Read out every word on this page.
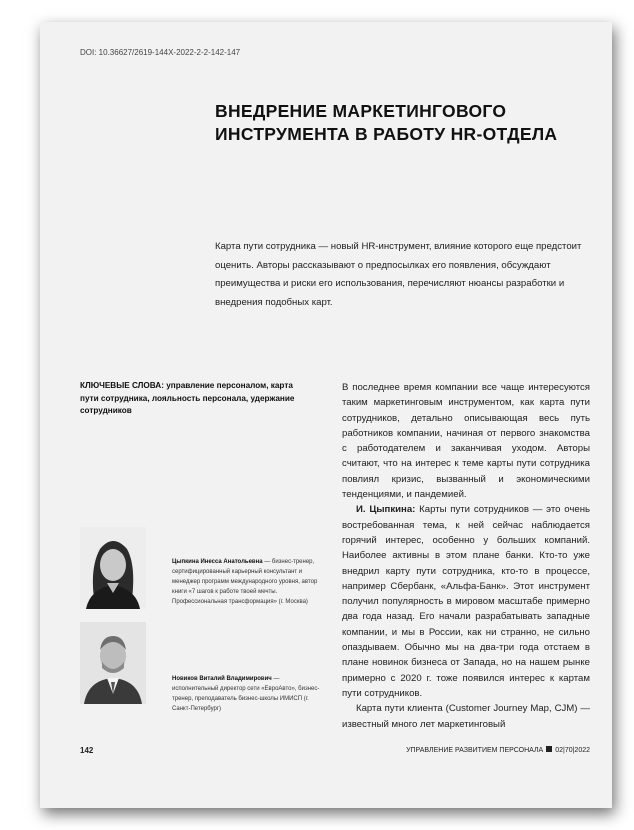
DOI: 10.36627/2619-144X-2022-2-2-142-147
ВНЕДРЕНИЕ МАРКЕТИНГОВОГО
ИНСТРУМЕНТА В РАБОТУ HR-ОТДЕЛА
Карта пути сотрудника — новый HR-инструмент, влияние которого еще предстоит оценить. Авторы рассказывают о предпосылках его появления, обсуждают преимущества и риски его использования, перечисляют нюансы разработки и внедрения подобных карт.
КЛЮЧЕВЫЕ СЛОВА: управление персоналом, карта пути сотрудника, лояльность персонала, удержание сотрудников

В последнее время компании все чаще интересуются таким маркетинговым инструментом, как карта пути сотрудников, детально описывающая весь путь работников компании, начиная от первого знакомства с работодателем и заканчивая уходом. Авторы считают, что на интерес к теме карты пути сотрудника повлиял кризис, вызванный и экономическими тенденциями, и пандемией.

И. Цыпкина: Карты пути сотрудников — это очень востребованная тема, к ней сейчас наблюдается горячий интерес, особенно у больших компаний. Наиболее активны в этом плане банки. Кто-то уже внедрил карту пути сотрудника, кто-то в процессе, например Сбербанк, «Альфа-Банк». Этот инструмент получил популярность в мировом масштабе примерно два года назад. Его начали разрабатывать западные компании, и мы в России, как ни странно, не сильно опаздываем. Обычно мы на два-три года отстаем в плане новинок бизнеса от Запада, но на нашем рынке примерно с 2020 г. тоже появился интерес к картам пути сотрудников.

Карта пути клиента (Customer Journey Map, CJM) — известный много лет маркетинговый

Цыпкина Инесса Анатольевна — бизнес-тренер, сертифицированный карьерный консультант и менеджер программ международного уровня, автор книги «7 шагов к работе твоей мечты. Профессиональная трансформация» (г. Москва)
Новиков Виталий Владимирович — исполнительный директор сети «ЕвроАвто», бизнес-тренер, преподаватель бизнес-школы ИМИСП (г. Санкт-Петербург)
142	УПРАВЛЕНИЕ РАЗВИТИЕМ ПЕРСОНАЛА 02|70|2022
